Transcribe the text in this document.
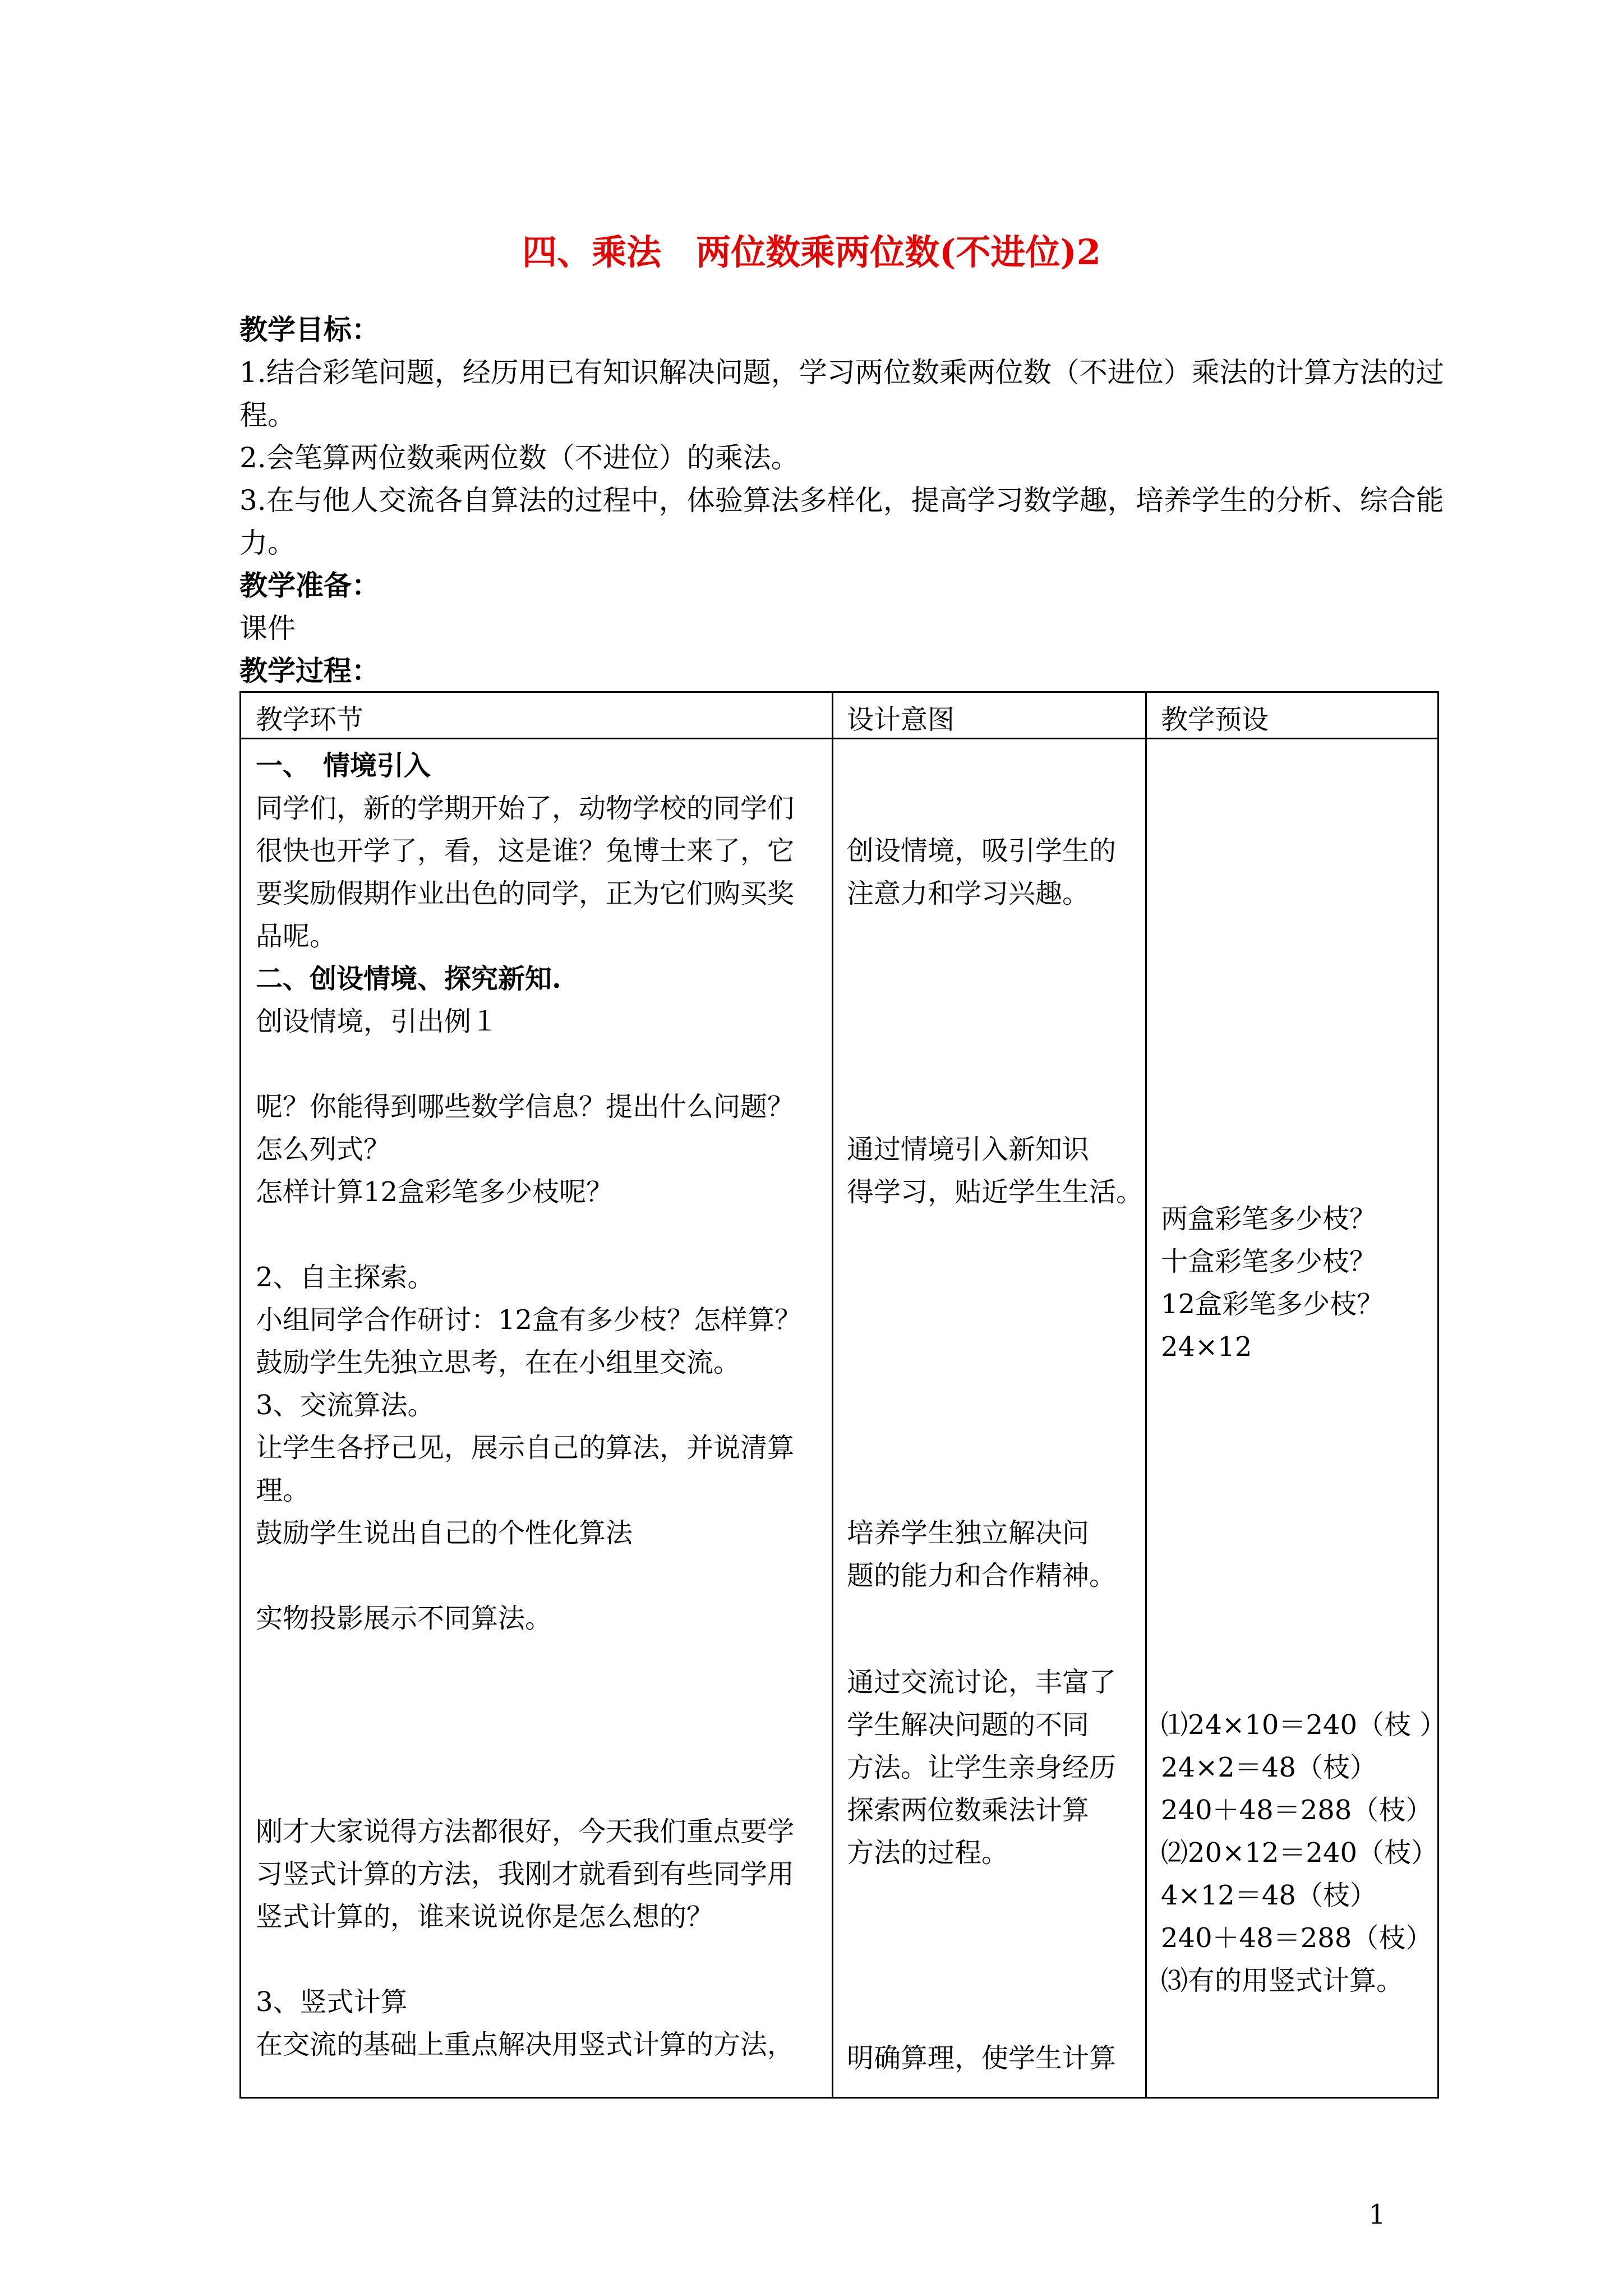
四、乘法　两位数乘两位数(不进位)2
教学目标：
1.结合彩笔问题，经历用已有知识解决问题，学习两位数乘两位数（不进位）乘法的计算方法的过程。
2.会笔算两位数乘两位数（不进位）的乘法。
3.在与他人交流各自算法的过程中，体验算法多样化，提高学习数学趣，培养学生的分析、综合能力。
教学准备：
课件
教学过程：
教学环节	设计意图	教学预设
一、　情境引入
同学们，新的学期开始了，动物学校的同学们
很快也开学了，看，这是谁？兔博士来了，它
要奖励假期作业出色的同学，正为它们购买奖
品呢。
二、创设情境、探究新知.
创设情境，引出例１
呢？你能得到哪些数学信息？提出什么问题？
怎么列式？
怎样计算12盒彩笔多少枝呢？
2、自主探索。
小组同学合作研讨：12盒有多少枝？怎样算？
鼓励学生先独立思考，在在小组里交流。
3、交流算法。
让学生各抒己见，展示自己的算法，并说清算
理。
鼓励学生说出自己的个性化算法
实物投影展示不同算法。
刚才大家说得方法都很好，今天我们重点要学
习竖式计算的方法，我刚才就看到有些同学用
竖式计算的，谁来说说你是怎么想的？
3、竖式计算
在交流的基础上重点解决用竖式计算的方法，
创设情境，吸引学生的
注意力和学习兴趣。
通过情境引入新知识
得学习，贴近学生生活。
培养学生独立解决问
题的能力和合作精神。
通过交流讨论，丰富了
学生解决问题的不同
方法。让学生亲身经历
探索两位数乘法计算
方法的过程。
明确算理，使学生计算
两盒彩笔多少枝？
十盒彩笔多少枝？
12盒彩笔多少枝？
24×12
⑴24×10＝240（枝 ）
24×2＝48（枝）
240＋48＝288（枝）
⑵20×12＝240（枝）
4×12＝48（枝）
240＋48＝288（枝）
⑶有的用竖式计算。
1
